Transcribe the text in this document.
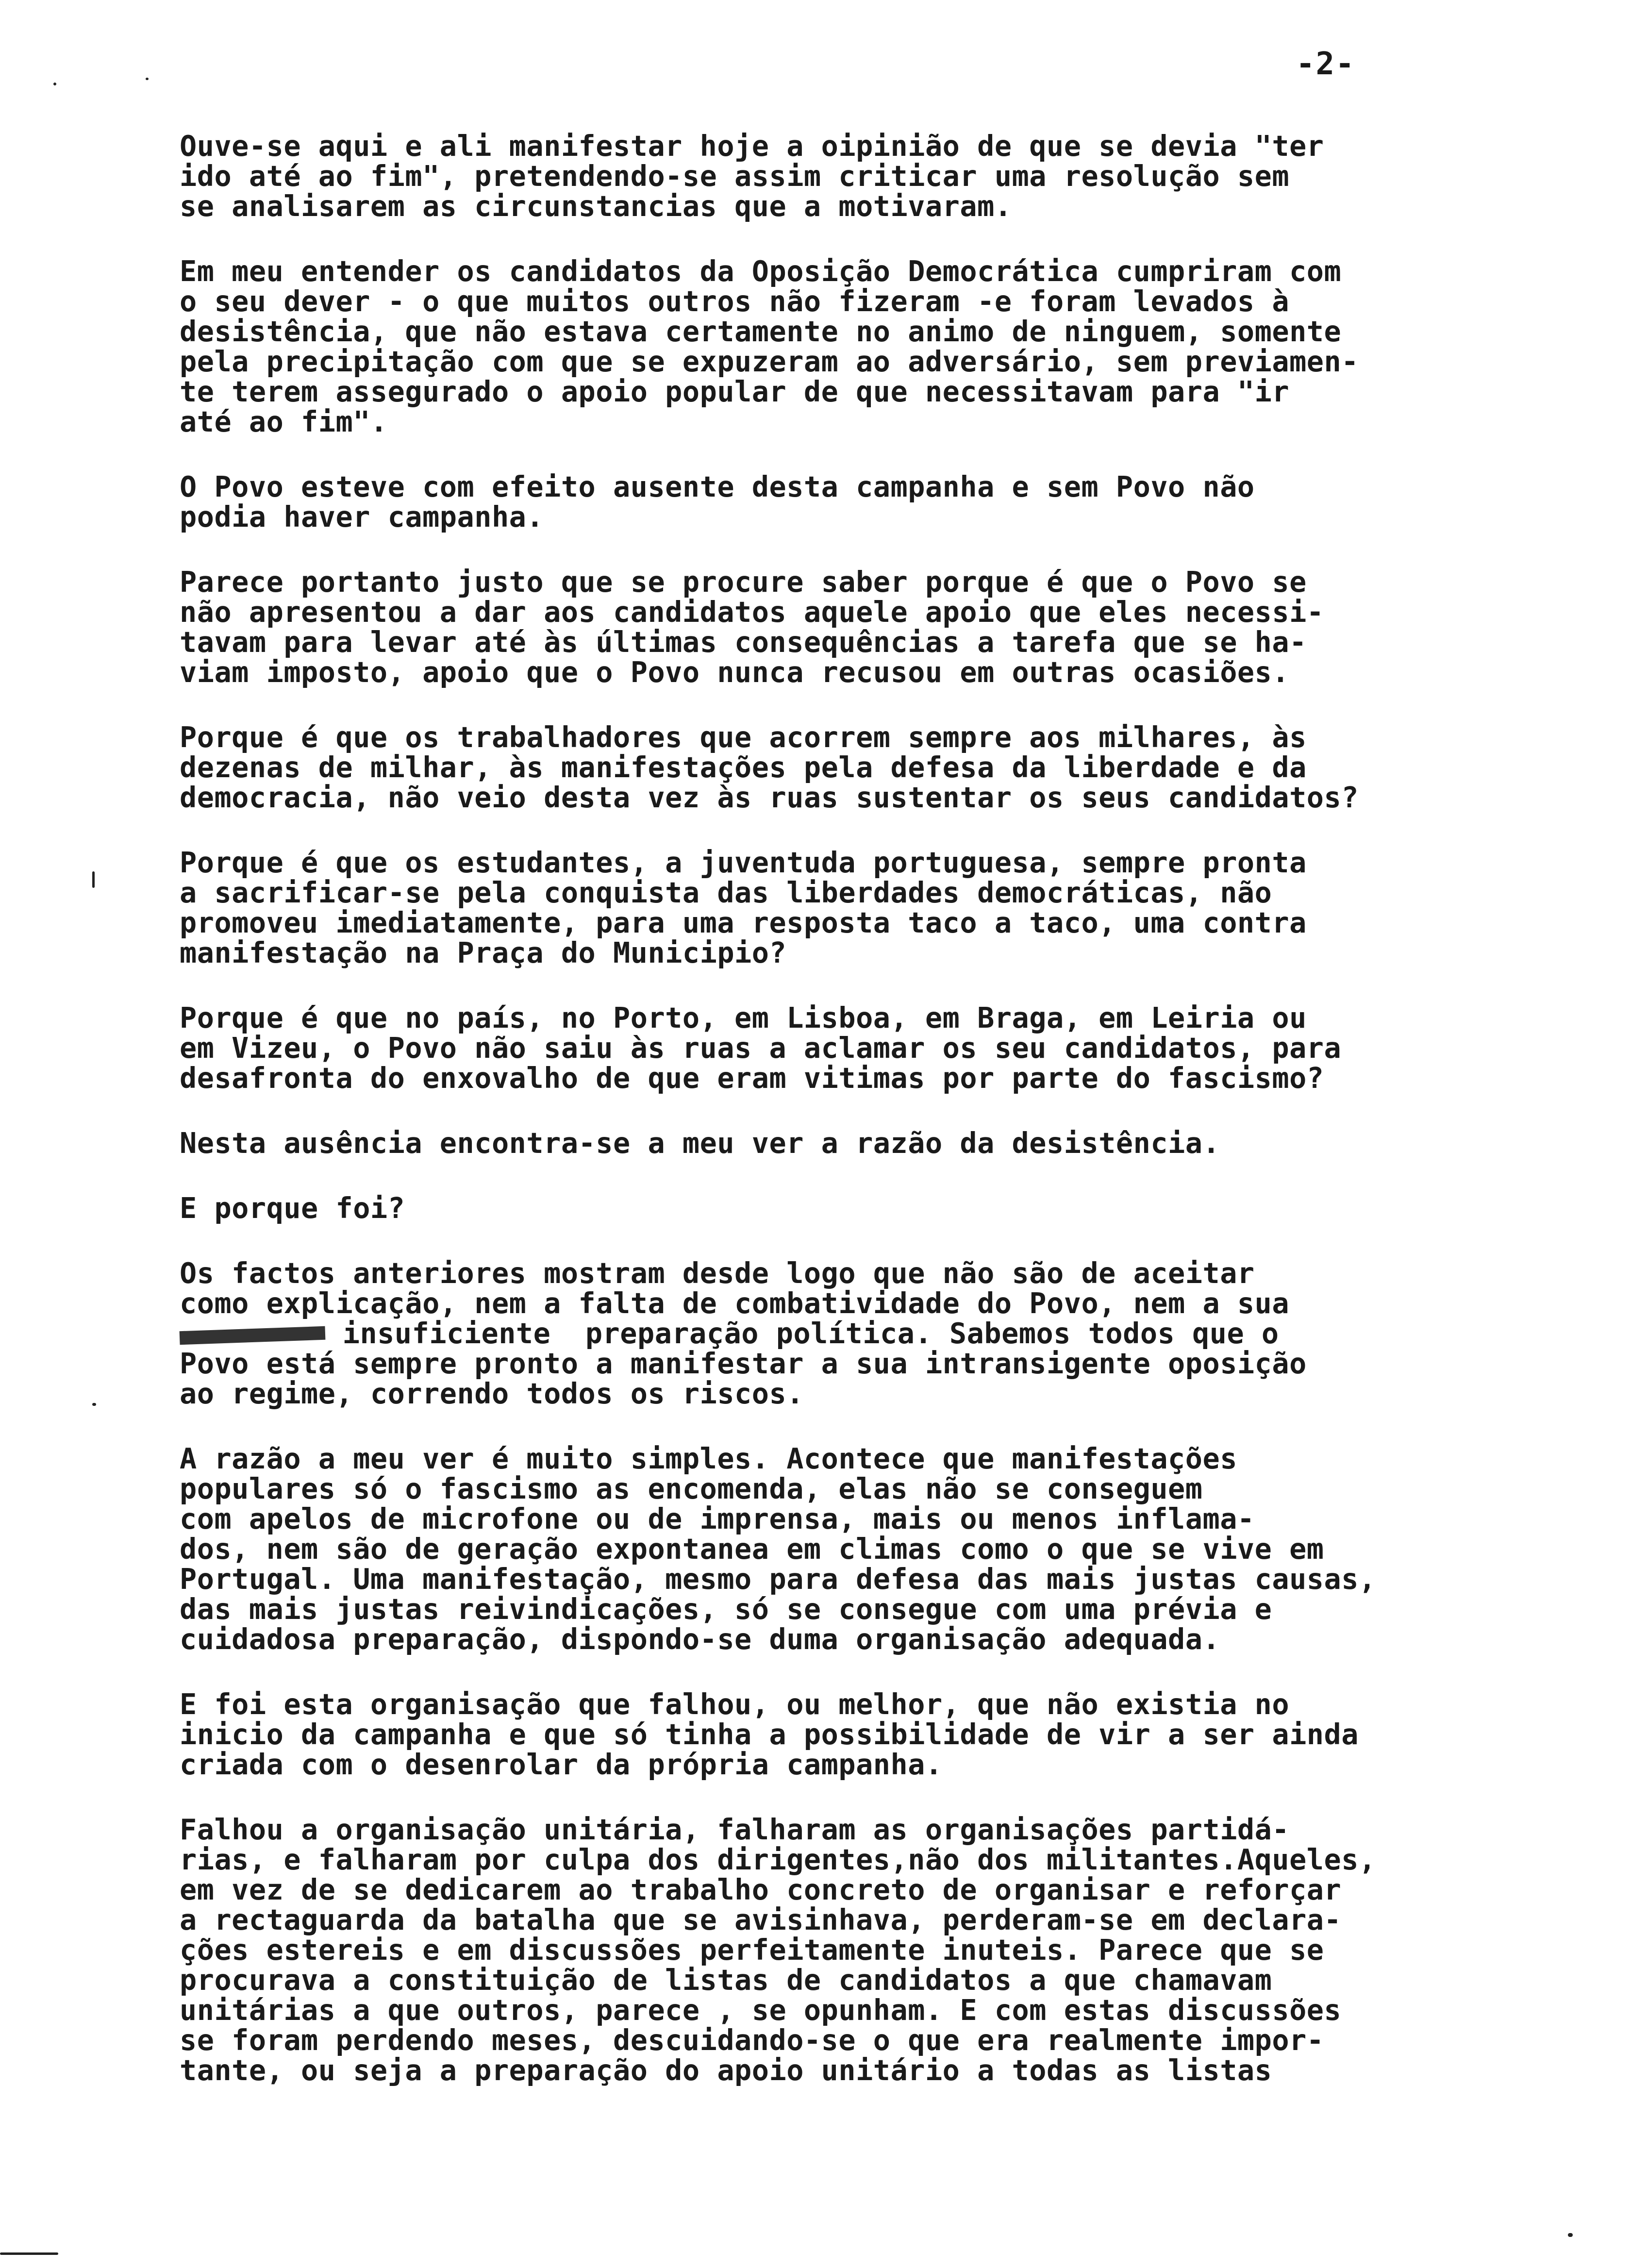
-2-
Ouve-se aqui e ali manifestar hoje a oipinião de que se devia "ter
ido até ao fim", pretendendo-se assim criticar uma resolução sem
se analisarem as circunstancias que a motivaram.
Em meu entender os candidatos da Oposição Democrática cumpriram com
o seu dever - o que muitos outros não fizeram -e foram levados à
desistência, que não estava certamente no animo de ninguem, somente
pela precipitação com que se expuzeram ao adversário, sem previamen-
te terem assegurado o apoio popular de que necessitavam para "ir
até ao fim".
O Povo esteve com efeito ausente desta campanha e sem Povo não
podia haver campanha.
Parece portanto justo que se procure saber porque é que o Povo se
não apresentou a dar aos candidatos aquele apoio que eles necessi-
tavam para levar até às últimas consequências a tarefa que se ha-
viam imposto, apoio que o Povo nunca recusou em outras ocasiões.
Porque é que os trabalhadores que acorrem sempre aos milhares, às
dezenas de milhar, às manifestações pela defesa da liberdade e da
democracia, não veio desta vez às ruas sustentar os seus candidatos?
Porque é que os estudantes, a juventuda portuguesa, sempre pronta
a sacrificar-se pela conquista das liberdades democráticas, não
promoveu imediatamente, para uma resposta taco a taco, uma contra
manifestação na Praça do Municipio?
Porque é que no país, no Porto, em Lisboa, em Braga, em Leiria ou
em Vizeu, o Povo não saiu às ruas a aclamar os seu candidatos, para
desafronta do enxovalho de que eram vitimas por parte do fascismo?
Nesta ausência encontra-se a meu ver a razão da desistência.
E porque foi?
Os factos anteriores mostram desde logo que não são de aceitar
como explicação, nem a falta de combatividade do Povo, nem a sua
insuficiente  preparação política. Sabemos todos que o
Povo está sempre pronto a manifestar a sua intransigente oposição
ao regime, correndo todos os riscos.
A razão a meu ver é muito simples. Acontece que manifestações
populares só o fascismo as encomenda, elas não se conseguem
com apelos de microfone ou de imprensa, mais ou menos inflama-
dos, nem são de geração expontanea em climas como o que se vive em
Portugal. Uma manifestação, mesmo para defesa das mais justas causas,
das mais justas reivindicações, só se consegue com uma prévia e
cuidadosa preparação, dispondo-se duma organisação adequada.
E foi esta organisação que falhou, ou melhor, que não existia no
inicio da campanha e que só tinha a possibilidade de vir a ser ainda
criada com o desenrolar da própria campanha.
Falhou a organisação unitária, falharam as organisações partidá-
rias, e falharam por culpa dos dirigentes,não dos militantes.Aqueles,
em vez de se dedicarem ao trabalho concreto de organisar e reforçar
a rectaguarda da batalha que se avisinhava, perderam-se em declara-
ções estereis e em discussões perfeitamente inuteis. Parece que se
procurava a constituição de listas de candidatos a que chamavam
unitárias a que outros, parece , se opunham. E com estas discussões
se foram perdendo meses, descuidando-se o que era realmente impor-
tante, ou seja a preparação do apoio unitário a todas as listas
